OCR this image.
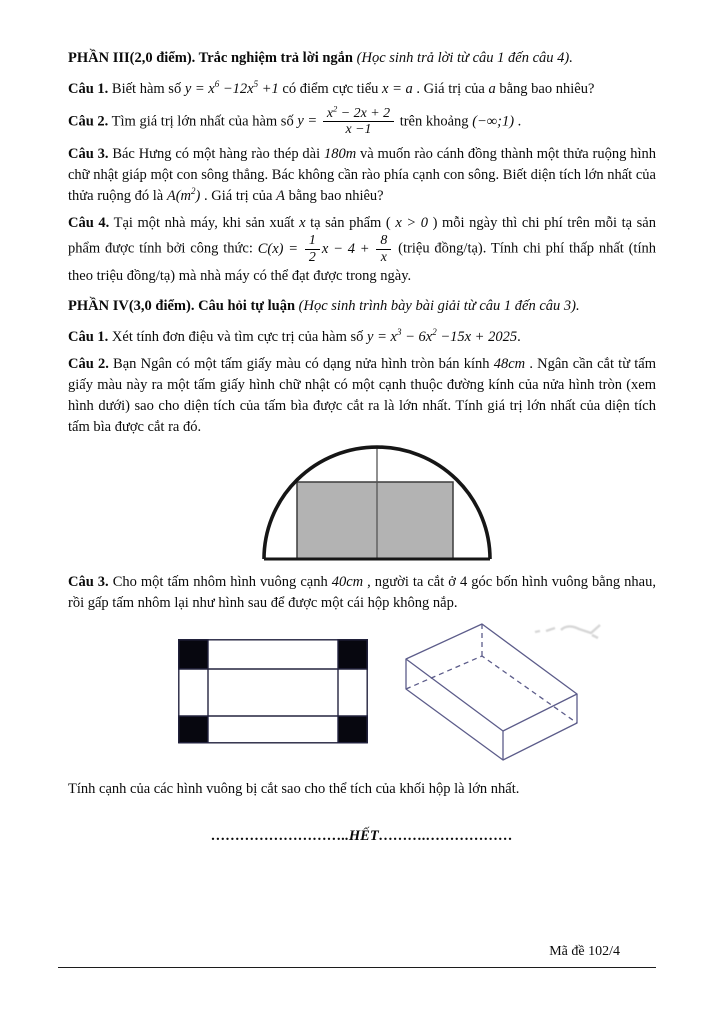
PHẦN III(2,0 điểm). Trắc nghiệm trả lời ngắn (Học sinh trả lời từ câu 1 đến câu 4).

Câu 1. Biết hàm số $y = x^6 -12x^5 +1$ có điểm cực tiểu x = a . Giá trị của a bằng bao nhiêu?

Câu 2. Tìm giá trị lớn nhất của hàm số $y = \frac{x^2 - 2x + 2}{x -1}$ trên khoảng (−∞;1) .

Câu 3. Bác Hưng có một hàng rào thép dài 180m và muốn rào cánh đồng thành một thửa ruộng hình chữ nhật giáp một con sông thẳng. Bác không cần rào phía cạnh con sông. Biết diện tích lớn nhất của thửa ruộng đó là $A(m^2)$ . Giá trị của A bằng bao nhiêu?

Câu 4. Tại một nhà máy, khi sản xuất x tạ sản phẩm ( x > 0 ) mỗi ngày thì chi phí trên mỗi tạ sản phẩm được tính bởi công thức: $C(x) = \frac{1}{2}$ $x - 4 + \frac{8}{x}$ (triệu đồng/tạ). Tính chi phí thấp nhất (tính theo triệu đồng/tạ) mà nhà máy có thể đạt được trong ngày.

PHẦN IV(3,0 điểm). Câu hỏi tự luận (Học sinh trình bày bài giải từ câu 1 đến câu 3).

Câu 1. Xét tính đơn điệu và tìm cực trị của hàm số $y = x^3 - 6x^2 -15x + 2025$.

Câu 2. Bạn Ngân có một tấm giấy màu có dạng nửa hình tròn bán kính 48cm . Ngân cần cắt từ tấm giấy màu này ra một tấm giấy hình chữ nhật có một cạnh thuộc đường kính của nửa hình tròn (xem hình dưới) sao cho diện tích của tấm bìa được cắt ra là lớn nhất. Tính giá trị lớn nhất của diện tích tấm bìa được cắt ra đó.

Câu 3. Cho một tấm nhôm hình vuông cạnh 40cm , người ta cắt ở 4 góc bốn hình vuông bằng nhau, rồi gấp tấm nhôm lại như hình sau để được một cái hộp không nắp.

Tính cạnh của các hình vuông bị cắt sao cho thể tích của khối hộp là lớn nhất.

………………………..HẾT……….………………

Mã đề 102/4
